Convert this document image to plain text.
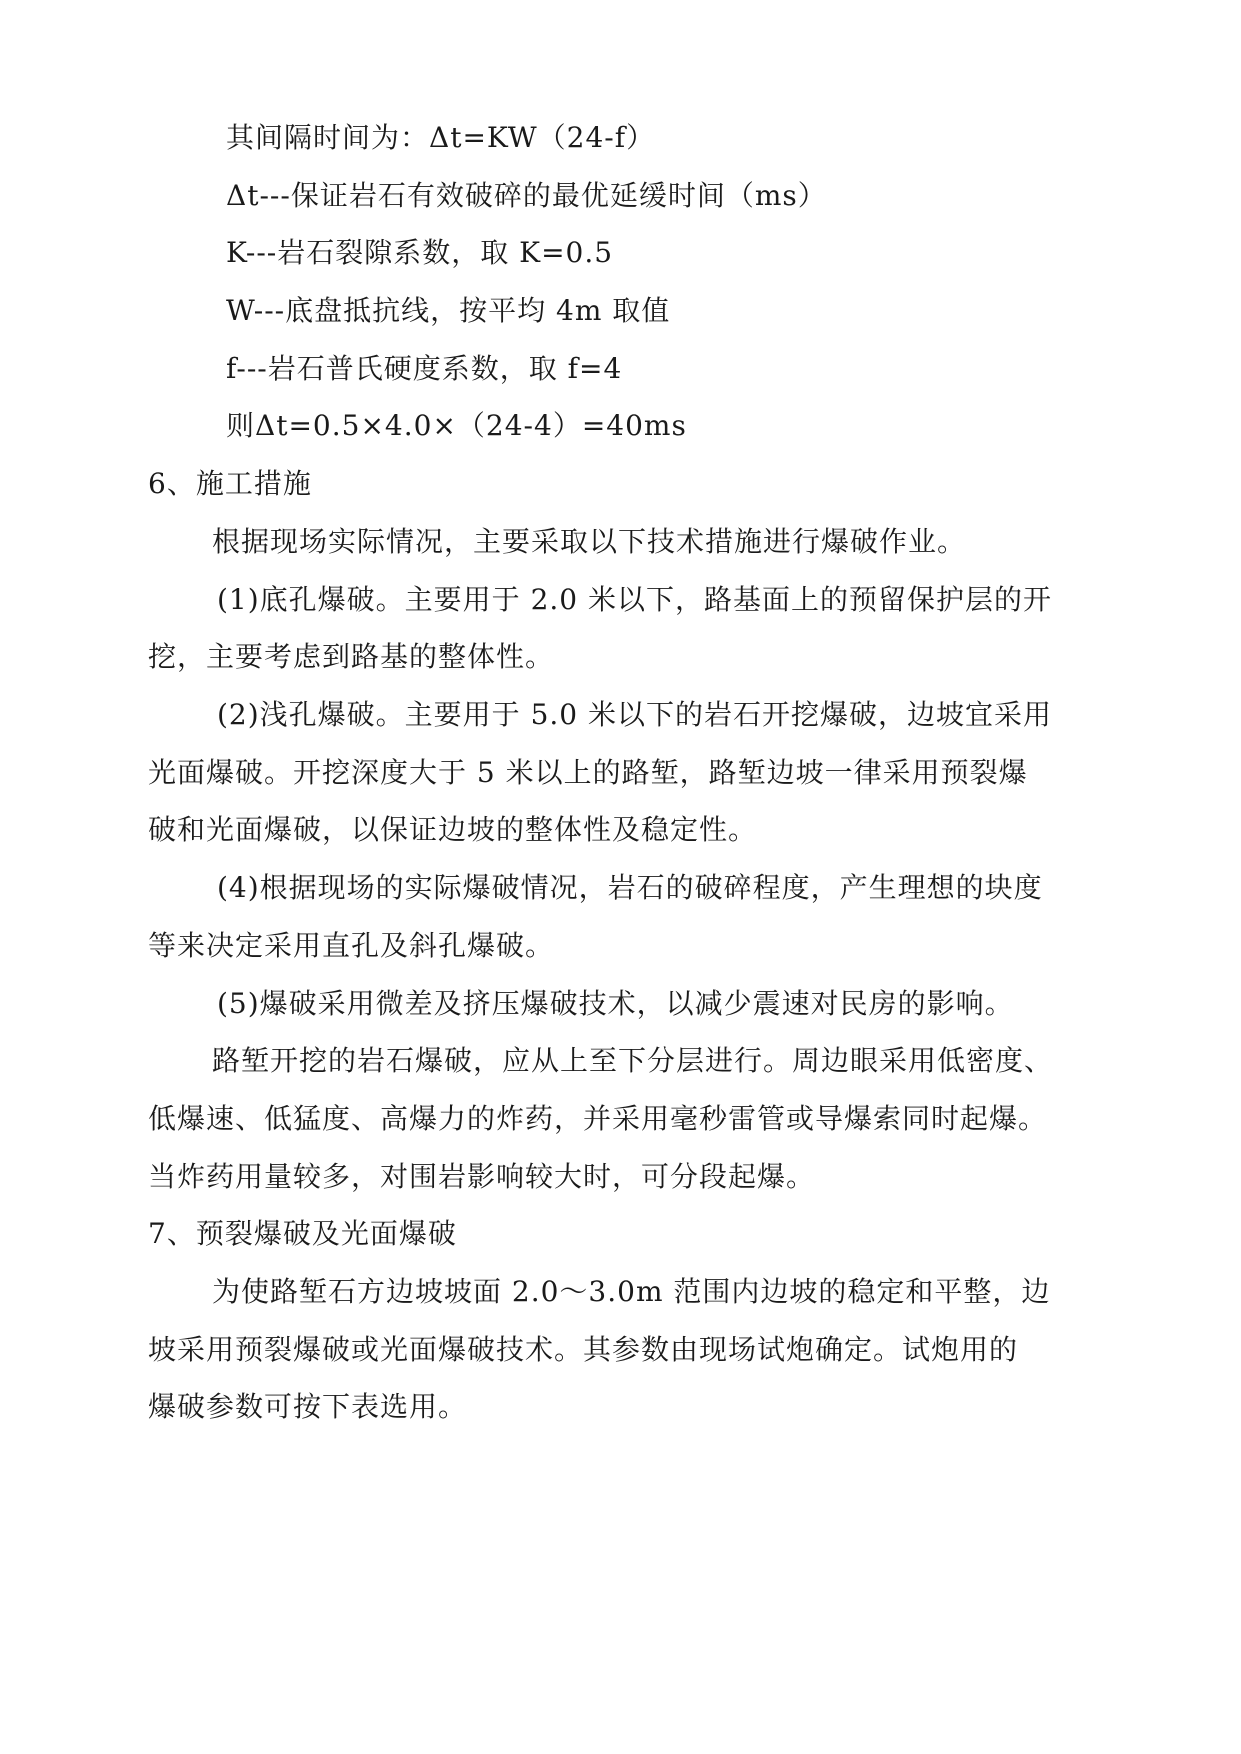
其间隔时间为：Δt=KW（24-f）
Δt---保证岩石有效破碎的最优延缓时间（ms）
K---岩石裂隙系数，取 K=0.5
W---底盘抵抗线，按平均 4m 取值
f---岩石普氏硬度系数，取 f=4
则Δt=0.5×4.0×（24-4）=40ms
6、施工措施
根据现场实际情况，主要采取以下技术措施进行爆破作业。
(1)底孔爆破。主要用于 2.0 米以下，路基面上的预留保护层的开
挖，主要考虑到路基的整体性。
(2)浅孔爆破。主要用于 5.0 米以下的岩石开挖爆破，边坡宜采用
光面爆破。开挖深度大于 5 米以上的路堑，路堑边坡一律采用预裂爆
破和光面爆破，以保证边坡的整体性及稳定性。
(4)根据现场的实际爆破情况，岩石的破碎程度，产生理想的块度
等来决定采用直孔及斜孔爆破。
(5)爆破采用微差及挤压爆破技术，以减少震速对民房的影响。
路堑开挖的岩石爆破，应从上至下分层进行。周边眼采用低密度、
低爆速、低猛度、高爆力的炸药，并采用毫秒雷管或导爆索同时起爆。
当炸药用量较多，对围岩影响较大时，可分段起爆。
7、预裂爆破及光面爆破
为使路堑石方边坡坡面 2.0～3.0m 范围内边坡的稳定和平整，边
坡采用预裂爆破或光面爆破技术。其参数由现场试炮确定。试炮用的
爆破参数可按下表选用。
